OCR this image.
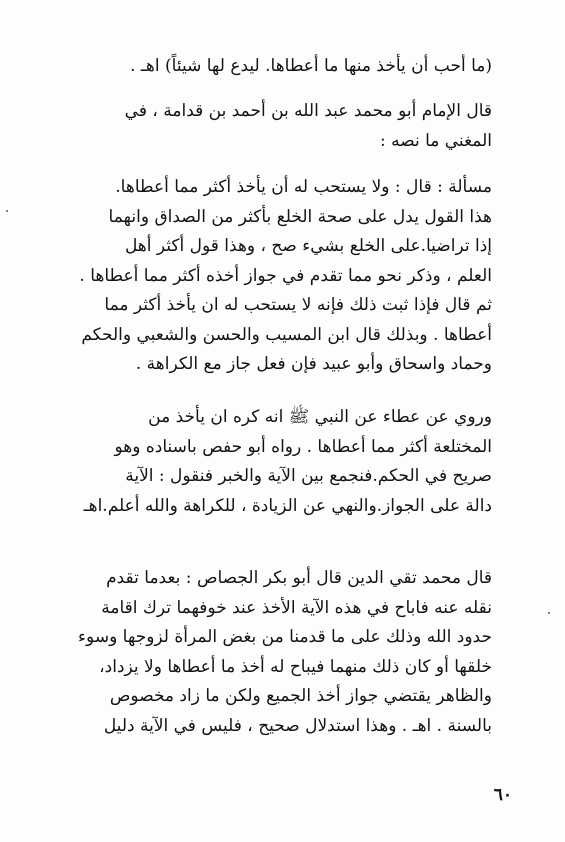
(ما أحب أن يأخذ منها ما أعطاها. ليدع لها شيئاً) اهـ .
قال الإمام أبو محمد عبد الله بن أحمد بن قدامة ، في
المغني ما نصه :
مسألة : قال : ولا يستحب له أن يأخذ أكثر مما أعطاها.
هذا القول يدل على صحة الخلع بأكثر من الصداق وانهما
إذا تراضيا.على الخلع بشيء صح ، وهذا قول أكثر أهل
العلم ، وذكر نحو مما تقدم في جواز أخذه أكثر مما أعطاها .
ثم قال فإذا ثبت ذلك فإنه لا يستحب له ان يأخذ أكثر مما
أعطاها . وبذلك قال ابن المسيب والحسن والشعبي والحكم
وحماد واسحاق وأبو عبيد فإن فعل جاز مع الكراهة .
وروي عن عطاء عن النبي ﷺ انه كره ان يأخذ من
المختلعة أكثر مما أعطاها . رواه أبو حفص باسناده وهو
صريح في الحكم.فنجمع بين الآية والخبر فنقول : الآية
دالة على الجواز.والنهي عن الزيادة ، للكراهة والله أعلم.اهـ
قال محمد تقي الدين قال أبو بكر الجصاص : بعدما تقدم
نقله عنه فاباح في هذه الآية الأخذ عند خوفهما ترك اقامة
حدود الله وذلك على ما قدمنا من بغض المرأة لزوجها وسوء
خلقها أو كان ذلك منهما فيباح له أخذ ما أعطاها ولا يزداد،
والظاهر يقتضي جواز أخذ الجميع ولكن ما زاد مخصوص
بالسنة . اهـ . وهذا استدلال صحيح ، فليس في الآية دليل
٦٠
